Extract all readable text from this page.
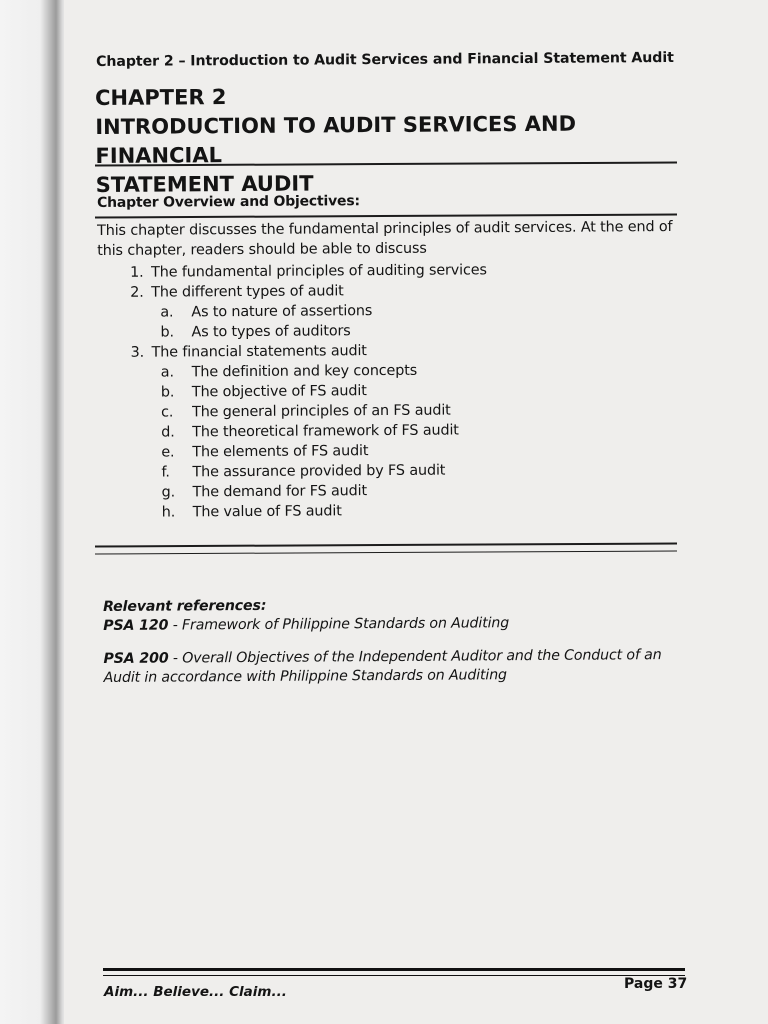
Chapter 2 – Introduction to Audit Services and Financial Statement Audit
CHAPTER 2
INTRODUCTION TO AUDIT SERVICES AND FINANCIAL
STATEMENT AUDIT
Chapter Overview and Objectives:
This chapter discusses the fundamental principles of audit services. At the end of
this chapter, readers should be able to discuss
1. The fundamental principles of auditing services
2. The different types of audit
a. As to nature of assertions
b. As to types of auditors
3. The financial statements audit
a. The definition and key concepts
b. The objective of FS audit
c. The general principles of an FS audit
d. The theoretical framework of FS audit
e. The elements of FS audit
f. The assurance provided by FS audit
g. The demand for FS audit
h. The value of FS audit

Relevant references:

PSA 120 - Framework of Philippine Standards on Auditing

PSA 200 - Overall Objectives of the Independent Auditor and the Conduct of an

Audit in accordance with Philippine Standards on Auditing

Aim... Believe... Claim...	Page 37
